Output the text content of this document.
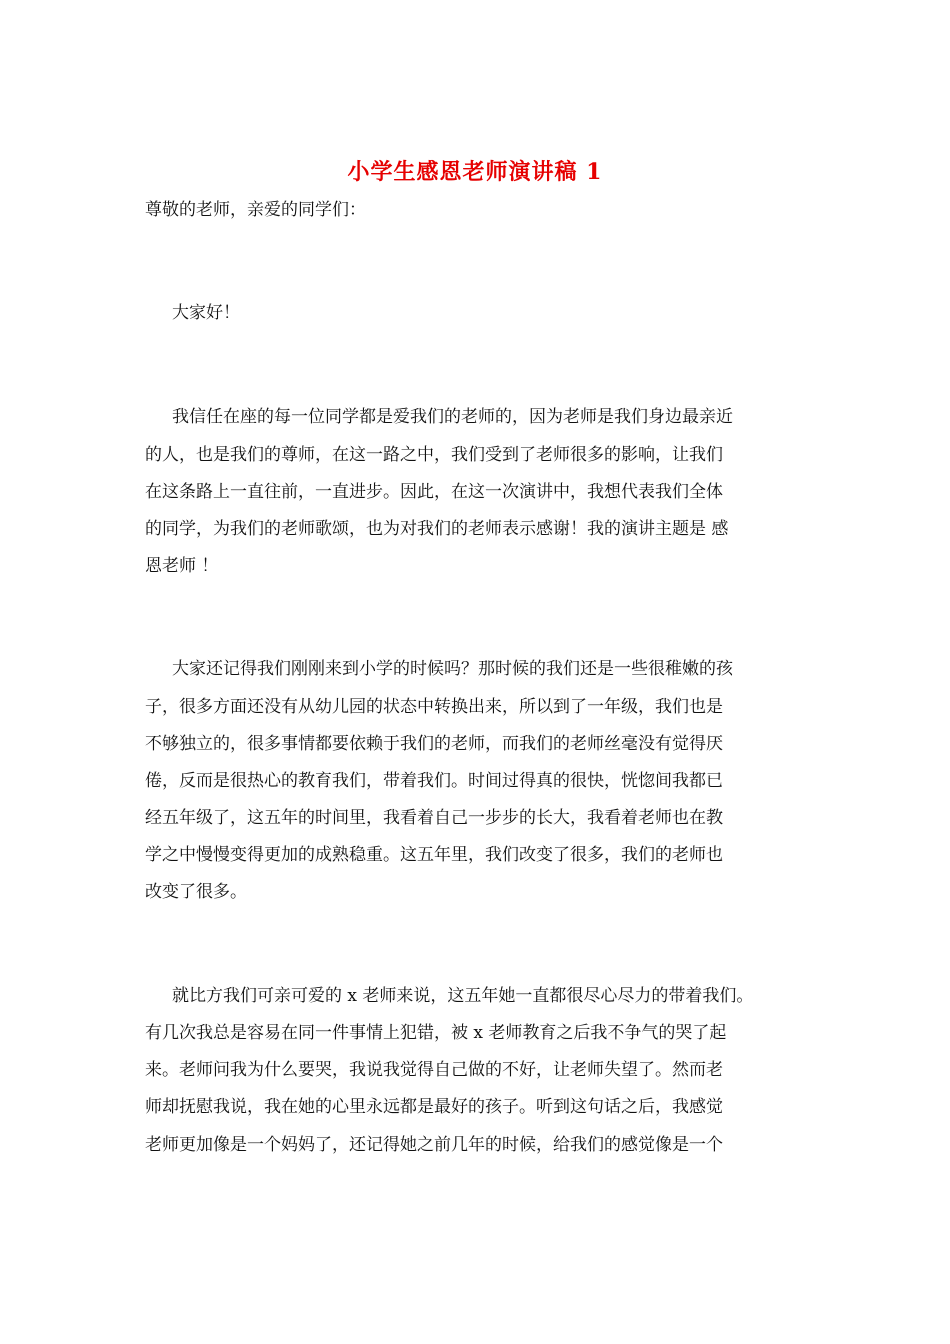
小学生感恩老师演讲稿 1
尊敬的老师，亲爱的同学们：
大家好！
我信任在座的每一位同学都是爱我们的老师的，因为老师是我们身边最亲近
的人，也是我们的尊师，在这一路之中，我们受到了老师很多的影响，让我们
在这条路上一直往前，一直进步。因此，在这一次演讲中，我想代表我们全体
的同学，为我们的老师歌颂，也为对我们的老师表示感谢！我的演讲主题是 感
恩老师 ！
大家还记得我们刚刚来到小学的时候吗？那时候的我们还是一些很稚嫩的孩
子，很多方面还没有从幼儿园的状态中转换出来，所以到了一年级，我们也是
不够独立的，很多事情都要依赖于我们的老师，而我们的老师丝毫没有觉得厌
倦，反而是很热心的教育我们，带着我们。时间过得真的很快，恍惚间我都已
经五年级了，这五年的时间里，我看着自己一步步的长大，我看着老师也在教
学之中慢慢变得更加的成熟稳重。这五年里，我们改变了很多，我们的老师也
改变了很多。
就比方我们可亲可爱的 x 老师来说，这五年她一直都很尽心尽力的带着我们。
有几次我总是容易在同一件事情上犯错，被 x 老师教育之后我不争气的哭了起
来。老师问我为什么要哭，我说我觉得自己做的不好，让老师失望了。然而老
师却抚慰我说，我在她的心里永远都是最好的孩子。听到这句话之后，我感觉
老师更加像是一个妈妈了，还记得她之前几年的时候，给我们的感觉像是一个
